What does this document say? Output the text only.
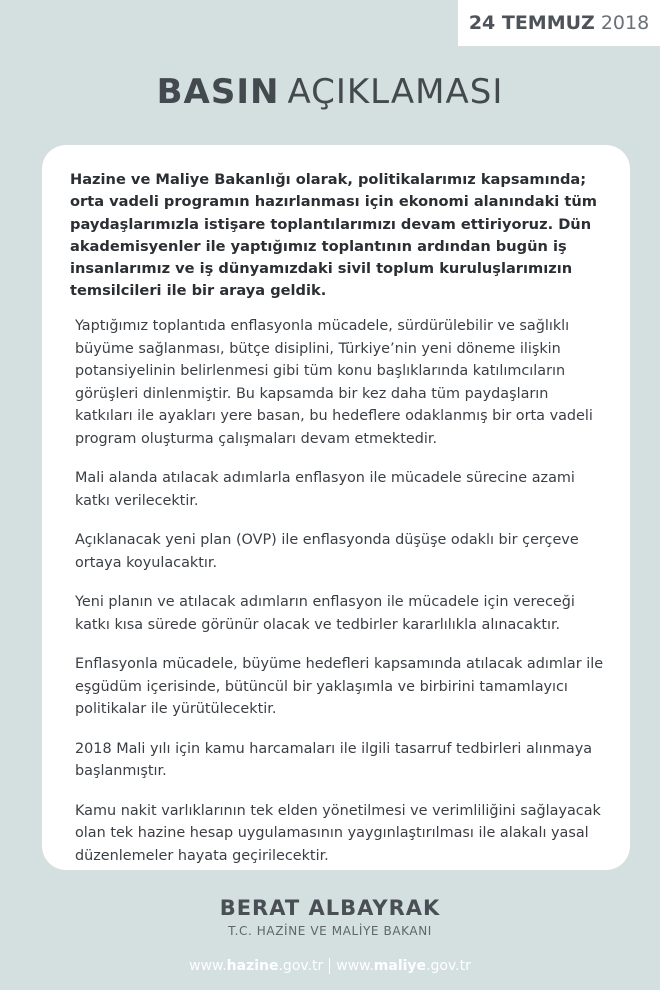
24 TEMMUZ 2018
BASIN AÇIKLAMASI

Hazine ve Maliye Bakanlığı olarak, politikalarımız kapsamında; orta vadeli programın hazırlanması için ekonomi alanındaki tüm paydaşlarımızla istişare toplantılarımızı devam ettiriyoruz. Dün akademisyenler ile yaptığımız toplantının ardından bugün iş insanlarımız ve iş dünyamızdaki sivil toplum kuruluşlarımızın temsilcileri ile bir araya geldik.

Yaptığımız toplantıda enflasyonla mücadele, sürdürülebilir ve sağlıklı büyüme sağlanması, bütçe disiplini, Türkiye’nin yeni döneme ilişkin potansiyelinin belirlenmesi gibi tüm konu başlıklarında katılımcıların görüşleri dinlenmiştir. Bu kapsamda bir kez daha tüm paydaşların katkıları ile ayakları yere basan, bu hedeflere odaklanmış bir orta vadeli program oluşturma çalışmaları devam etmektedir.

Mali alanda atılacak adımlarla enflasyon ile mücadele sürecine azami katkı verilecektir.

Açıklanacak yeni plan (OVP) ile enflasyonda düşüşe odaklı bir çerçeve ortaya koyulacaktır.

Yeni planın ve atılacak adımların enflasyon ile mücadele için vereceği katkı kısa sürede görünür olacak ve tedbirler kararlılıkla alınacaktır.

Enflasyonla mücadele, büyüme hedefleri kapsamında atılacak adımlar ile eşgüdüm içerisinde, bütüncül bir yaklaşımla ve birbirini tamamlayıcı politikalar ile yürütülecektir.

2018 Mali yılı için kamu harcamaları ile ilgili tasarruf tedbirleri alınmaya başlanmıştır.

Kamu nakit varlıklarının tek elden yönetilmesi ve verimliliğini sağlayacak olan tek hazine hesap uygulamasının yaygınlaştırılması ile alakalı yasal düzenlemeler hayata geçirilecektir.

BERAT ALBAYRAK
T.C. HAZİNE VE MALİYE BAKANI
www.hazine.gov.tr www.maliye.gov.tr
